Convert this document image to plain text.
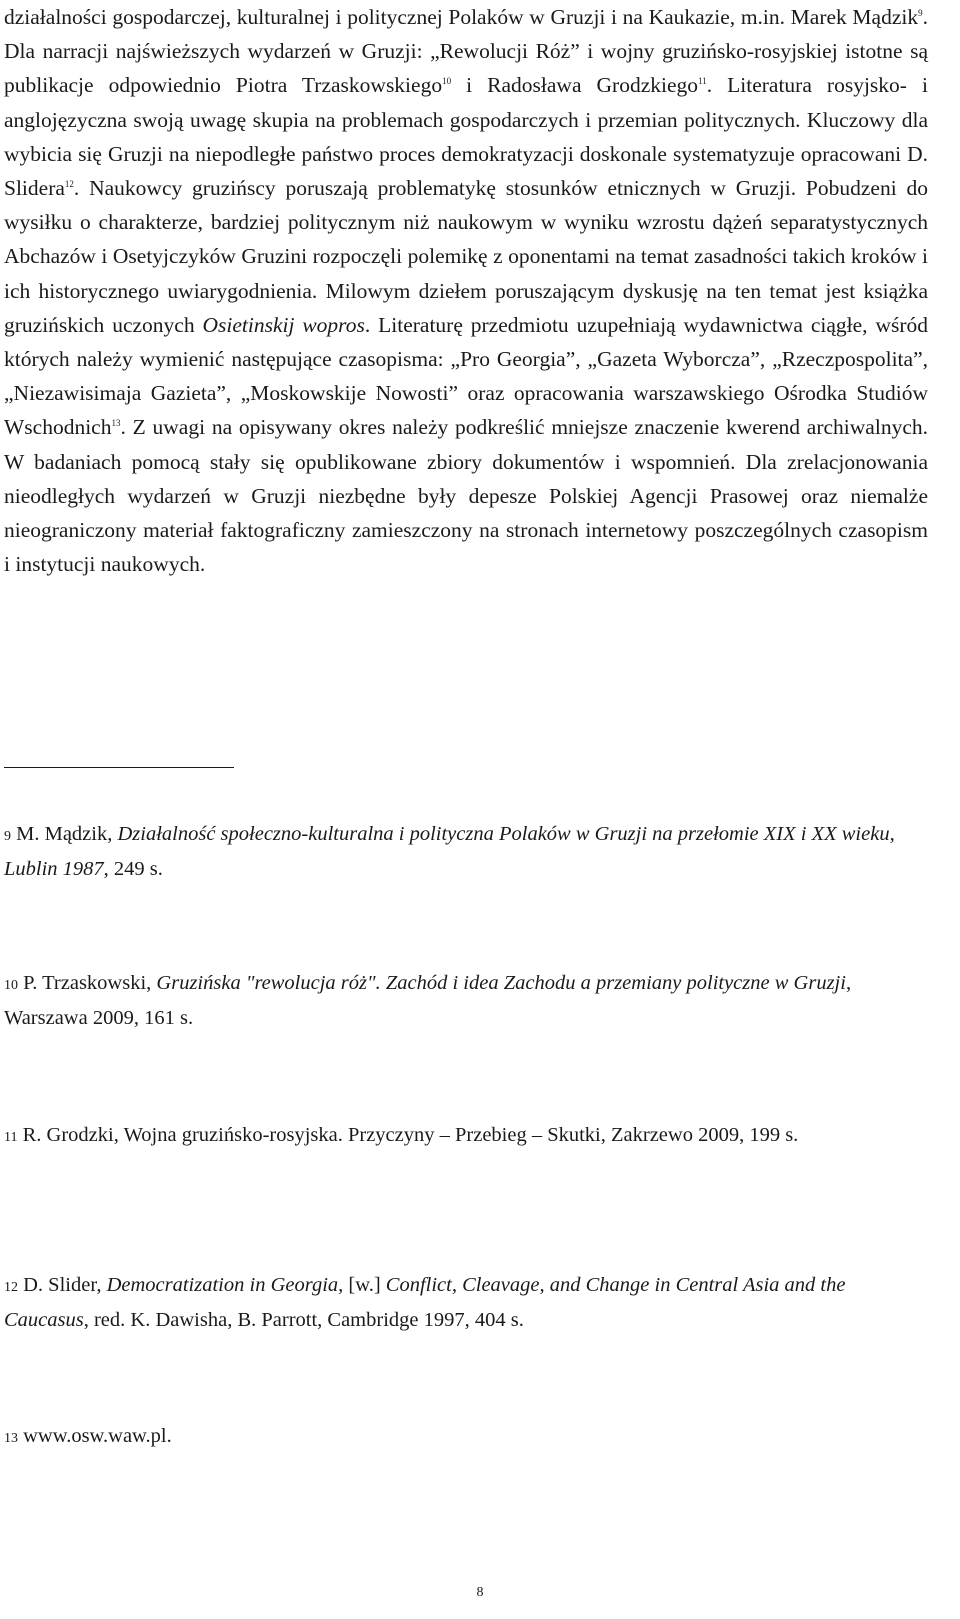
działalności gospodarczej, kulturalnej i politycznej Polaków w Gruzji i na Kaukazie, m.in. Marek Mądzik$^9$. Dla narracji najświeższych wydarzeń w Gruzji: „Rewolucji Róż” i wojny gruzińsko-rosyjskiej istotne są publikacje odpowiednio Piotra Trzaskowskiego$^{10}$ i Radosława Grodzkiego$^{11}$. Literatura rosyjsko- i anglojęzyczna swoją uwagę skupia na problemach gospodarczych i przemian politycznych. Kluczowy dla wybicia się Gruzji na niepodległe państwo proces demokratyzacji doskonale systematyzuje opracowani D. Slidera$^{12}$. Naukowcy gruzińscy poruszają problematykę stosunków etnicznych w Gruzji. Pobudzeni do wysiłku o charakterze, bardziej politycznym niż naukowym w wyniku wzrostu dążeń separatystycznych Abchazów i Osetyjczyków Gruzini rozpoczęli polemikę z oponentami na temat zasadności takich kroków i ich historycznego uwiarygodnienia. Milowym dziełem poruszającym dyskusję na ten temat jest książka gruzińskich uczonych Osietinskij wopros. Literaturę przedmiotu uzupełniają wydawnictwa ciągłe, wśród których należy wymienić następujące czasopisma: „Pro Georgia”, „Gazeta Wyborcza”, „Rzeczpospolita”, „Niezawisimaja Gazieta”, „Moskowskije Nowosti” oraz opracowania warszawskiego Ośrodka Studiów Wschodnich$^{13}$. Z uwagi na opisywany okres należy podkreślić mniejsze znaczenie kwerend archiwalnych. W badaniach pomocą stały się opublikowane zbiory dokumentów i wspomnień. Dla zrelacjonowania nieodległych wydarzeń w Gruzji niezbędne były depesze Polskiej Agencji Prasowej oraz niemalże nieograniczony materiał faktograficzny zamieszczony na stronach internetowy poszczególnych czasopism i instytucji naukowych.

9 M. Mądzik, Działalność społeczno-kulturalna i polityczna Polaków w Gruzji na przełomie XIX i XX wieku, Lublin 1987, 249 s.

10 P. Trzaskowski, Gruzińska "rewolucja róż". Zachód i idea Zachodu a przemiany polityczne w Gruzji, Warszawa 2009, 161 s.

11 R. Grodzki, Wojna gruzińsko-rosyjska. Przyczyny – Przebieg – Skutki, Zakrzewo 2009, 199 s.

12 D. Slider, Democratization in Georgia, [w.] Conflict, Cleavage, and Change in Central Asia and the Caucasus, red. K. Dawisha, B. Parrott, Cambridge 1997, 404 s.

13 www.osw.waw.pl.

8
